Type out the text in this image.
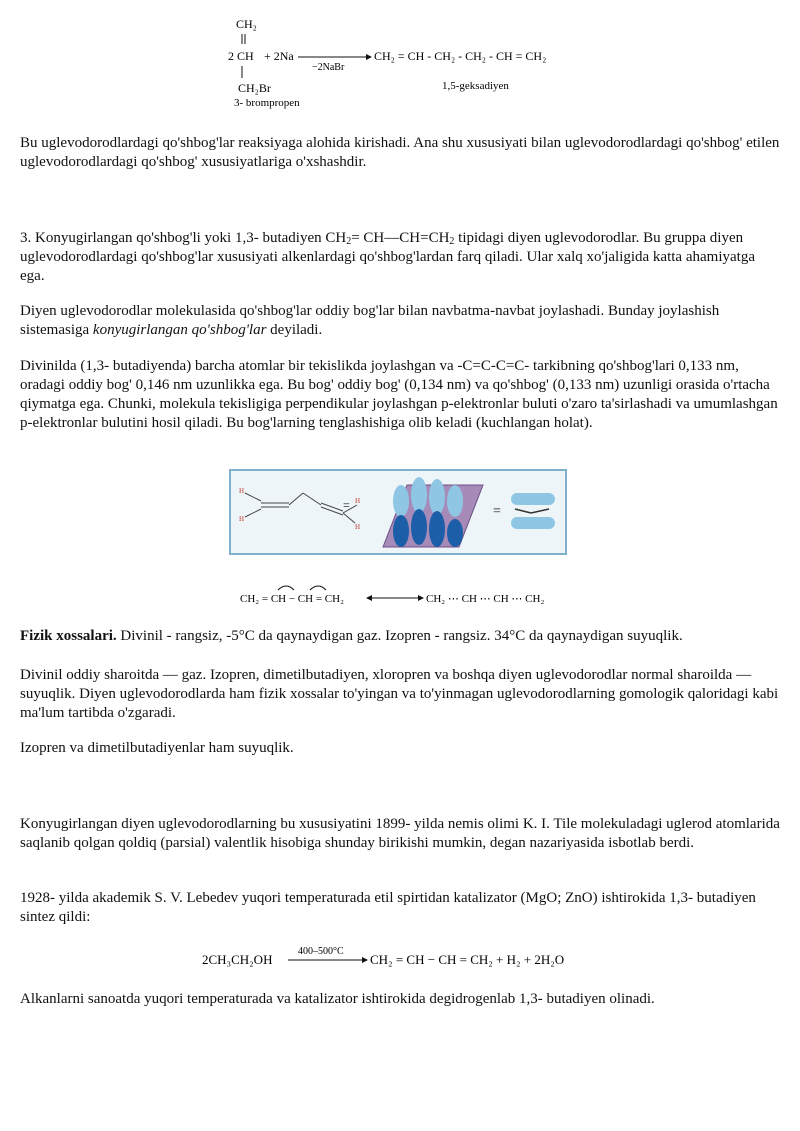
CH₂
2 CH + 2Na
−2NaBr
CH₂ = CH - CH₂ - CH₂ - CH = CH₂
CH₂Br
3- brompropen
1,5-geksadiyen

Bu uglevodorodlardagi qo'shbog'lar reaksiyaga alohida kirishadi. Ana shu xususiyati bilan uglevodorodlardagi qo'shbog' etilen uglevodorodlardagi qo'shbog' xususiyatlariga o'xshashdir.

3. Konyugirlangan qo'shbog'li yoki 1,3- butadiyen $CH_2=$ $CH—CH=CH_2$ tipidagi diyen uglevodorodlar. Bu gruppa diyen uglevodorodlardagi qo'shbog'lar xususiyati alkenlardagi qo'shbog'lardan farq qiladi. Ular xalq xo'jaligida katta ahamiyatga ega.

Diyen uglevodorodlar molekulasida qo'shbog'lar oddiy bog'lar bilan navbatma-navbat joylashadi. Bunday joylashish sistemasiga konyugirlangan qo'shbog'lar deyiladi.

Divinilda (1,3- butadiyenda) barcha atomlar bir tekislikda joylashgan va -C=C-C=C- tarkibning qo'shbog'lari 0,133 nm, oradagi oddiy bog' 0,146 nm uzunlikka ega. Bu bog' oddiy bog' (0,134 nm) va qo'shbog' (0,133 nm) uzunligi orasida o'rtacha qiymatga ega. Chunki, molekula tekisligiga perpendikular joylashgan p-elektronlar buluti o'zaro ta'sirlashadi va umumlashgan p-elektronlar bulutini hosil qiladi. Bu bog'larning tenglashishiga olib keladi (kuchlangan holat).

H
H
H
H
=	=
CH₂ = CH − CH = CH₂	CH₂ ⋯ CH ⋯ CH ⋯ CH₂

Fizik xossalari. Divinil - rangsiz, -5°C da qaynaydigan gaz. Izopren - rangsiz. 34°C da qaynaydigan suyuqlik.

Divinil oddiy sharoitda — gaz. Izopren, dimetilbutadiyen, xloropren va boshqa diyen uglevodorodlar normal sharoilda — suyuqlik. Diyen uglevodorodlarda ham fizik xossalar to'yingan va to'yinmagan uglevodorodlarning gomologik qaloridagi kabi ma'lum tartibda o'zgaradi.

Izopren va dimetilbutadiyenlar ham suyuqlik.

Konyugirlangan diyen uglevodorodlarning bu xususiyatini 1899- yilda nemis olimi K. I. Tile molekuladagi uglerod atomlarida saqlanib qolgan qoldiq (parsial) valentlik hisobiga shunday birikishi mumkin, degan nazariyasida isbotlab berdi.

1928- yilda akademik S. V. Lebedev yuqori temperaturada etil spirtidan katalizator (MgO; ZnO) ishtirokida 1,3- butadiyen sintez qildi:

2CH₃CH₂OH
400–500°C
CH₂ = CH − CH = CH₂ + H₂ + 2H₂O

Alkanlarni sanoatda yuqori temperaturada va katalizator ishtirokida degidrogenlab 1,3- butadiyen olinadi.
